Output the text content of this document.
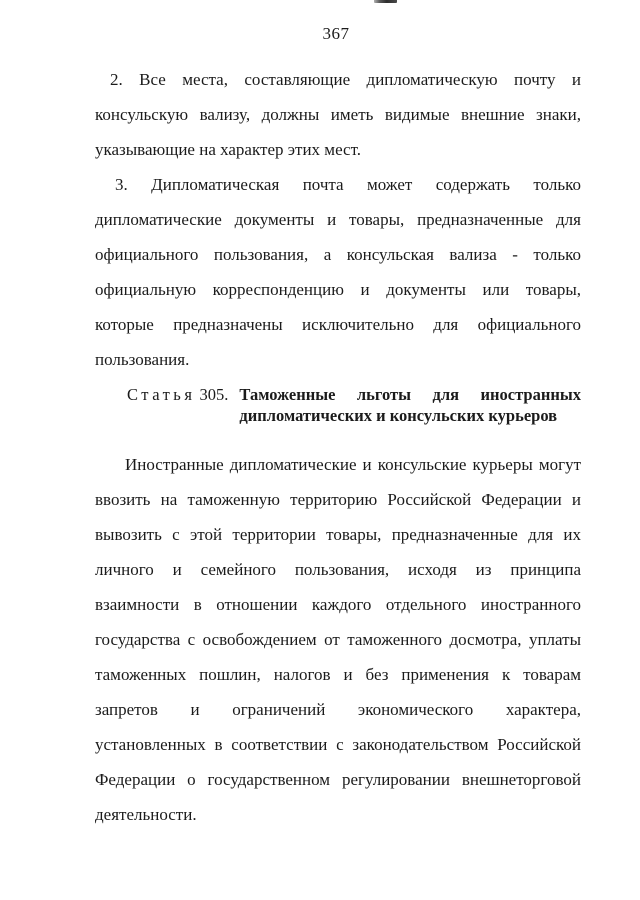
367

2. Все места, составляющие дипломатическую почту и консульскую вализу, должны иметь видимые внешние знаки, указывающие на характер этих мест.

3. Дипломатическая почта может содержать только дипломатические документы и товары, предназначенные для официального пользования, а консульская вализа - только официальную корреспонденцию и документы или товары, которые предназначены исключительно для официального пользования.

Статья 305. Таможенные льготы для иностранных дипломатических и консульских курьеров

Иностранные дипломатические и консульские курьеры могут ввозить на таможенную территорию Российской Федерации и вывозить с этой территории товары, предназначенные для их личного и семейного пользования, исходя из принципа взаимности в отношении каждого отдельного иностранного государства с освобождением от таможенного досмотра, уплаты таможенных пошлин, налогов и без применения к товарам запретов и ограничений экономического характера, установленных в соответствии с законодательством Российской Федерации о государственном регулировании внешнеторговой деятельности.
